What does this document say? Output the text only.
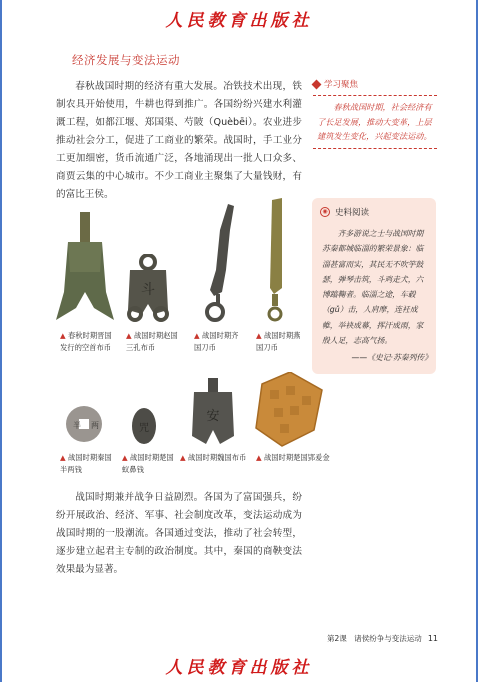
人民教育出版社
经济发展与变法运动
春秋战国时期的经济有重大发展。冶铁技术出现，铁制农具开始使用，牛耕也得到推广。各国纷纷兴建水利灌溉工程，如都江堰、郑国渠、芍陂（Quèbēi）。农业进步推动社会分工，促进了工商业的繁荣。战国时，手工业分工更加细密，货币流通广泛，各地涌现出一批人口众多、商贾云集的中心城市。不少工商业主聚集了大量钱财，有的富比王侯。
学习聚焦
春秋战国时期，社会经济有了长足发展，推动大变革，上层建筑发生变化，兴起变法运动。
◉ 史料阅读
齐多游说之士与战国时期苏秦都城临淄的繁荣景象：临淄甚富而实，其民无不吹竽鼓瑟，弹琴击筑，斗鸡走犬，六博蹹鞠者。临淄之途，车毂（gǔ）击，人肩摩，连衽成帷，举袂成幕，挥汗成雨，家殷人足，志高气扬。
——《史记·苏秦列传》
斗
▲ 春秋时期晋国发行的空首布币
▲ 战国时期赵国三孔布币
▲ 战国时期齐国刀币
▲ 战国时期燕国刀币
半 两	咒
安
▲ 战国时期秦国半两钱
▲ 战国时期楚国蚁鼻钱
▲ 战国时期魏国布币	▲ 战国时期楚国郢爰金
战国时期兼并战争日益剧烈。各国为了富国强兵，纷纷开展政治、经济、军事、社会制度改革，变法运动成为战国时期的一股潮流。各国通过变法，推动了社会转型，逐步建立起君主专制的政治制度。其中，秦国的商鞅变法效果最为显著。
第2课　诸侯纷争与变法运动 11
人民教育出版社
